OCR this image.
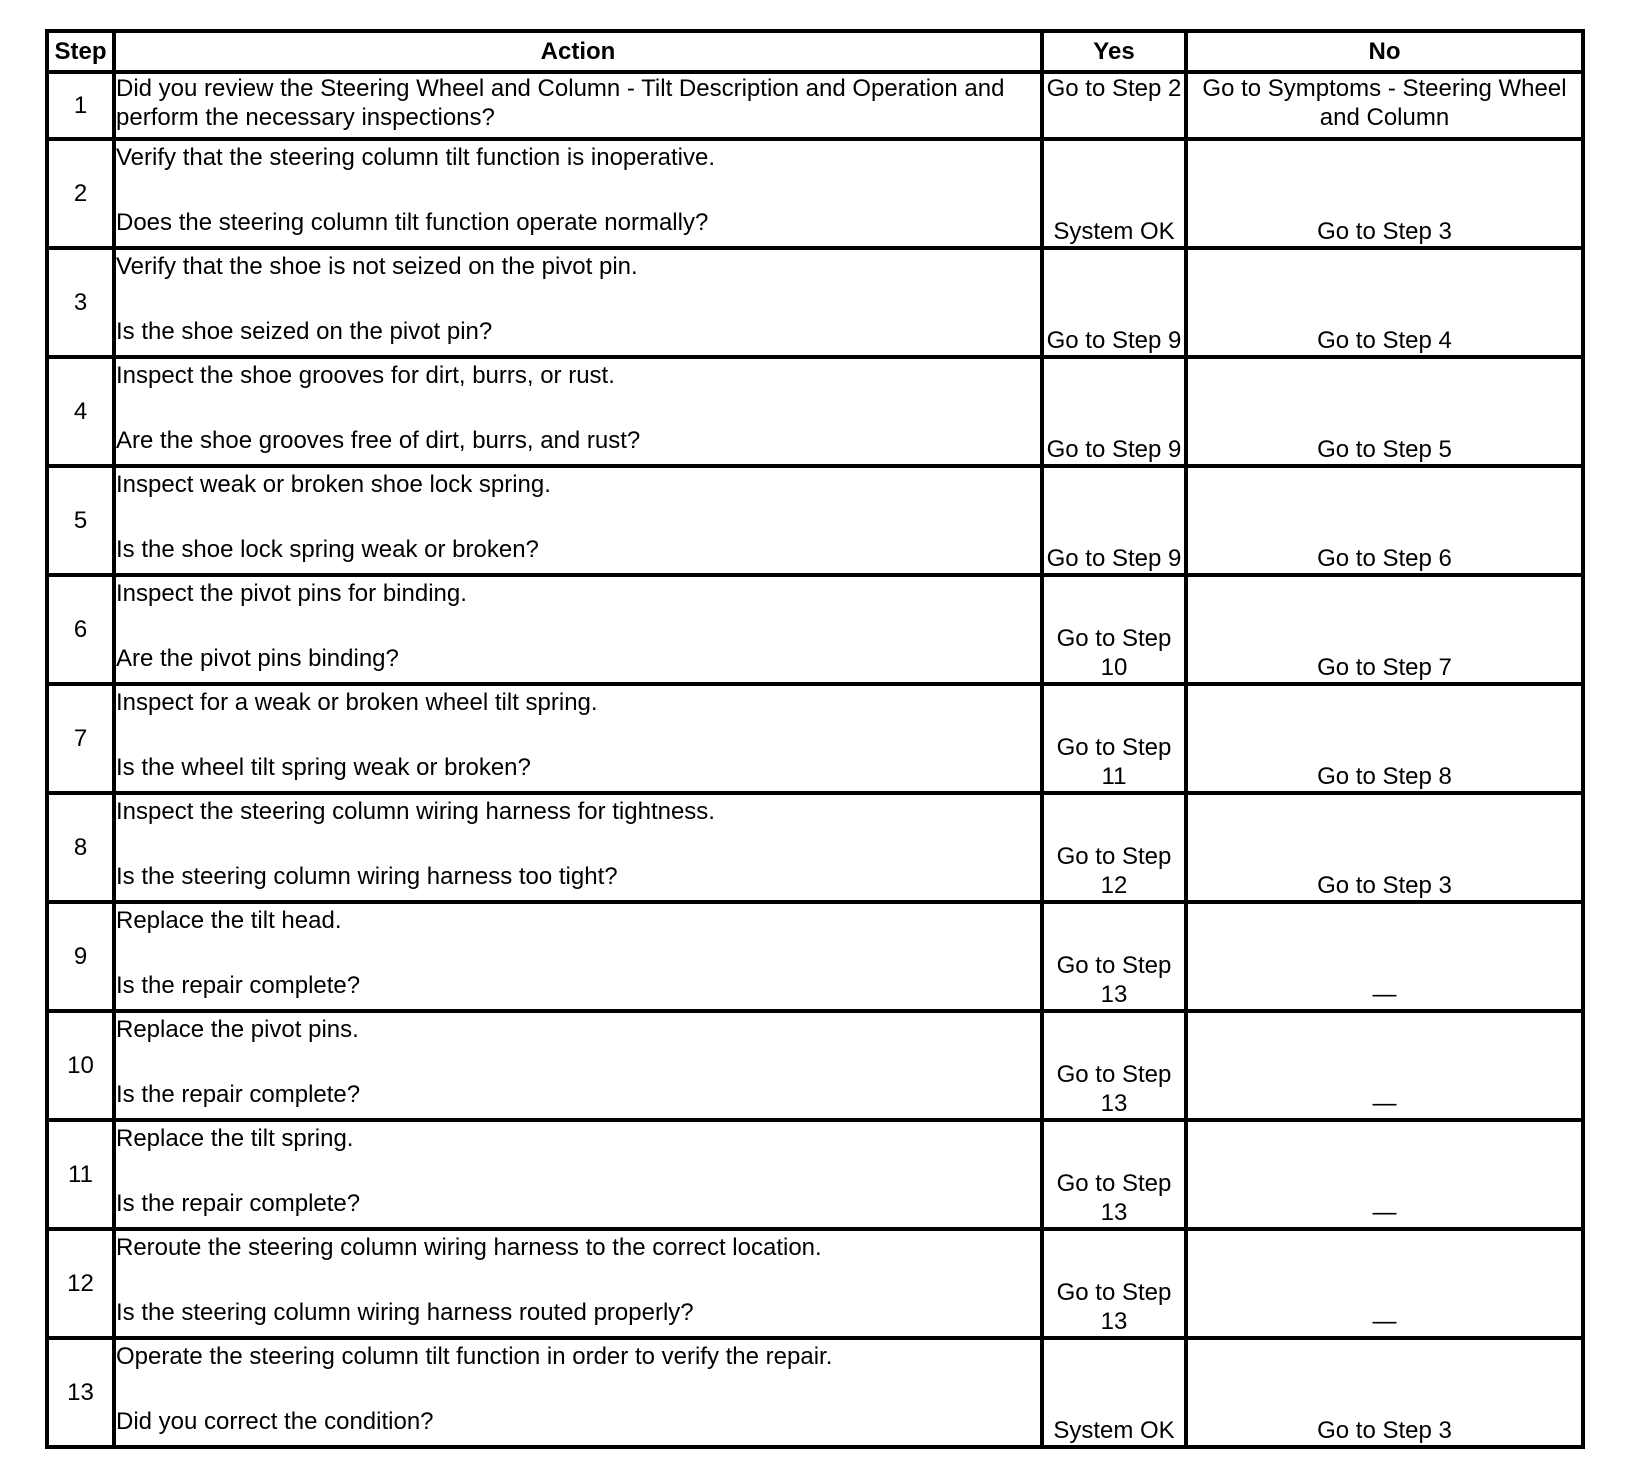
Step	Action	Yes	No
1	Did you review the Steering Wheel and Column - Tilt Description and Operation and perform the necessary inspections?	Go to Step 2	Go to Symptoms - Steering Wheel and Column

2	Verify that the steering column tilt function is inoperative.
Does the steering column tilt function operate normally?	System OK	Go to Step 3

3	Verify that the shoe is not seized on the pivot pin.
Is the shoe seized on the pivot pin?	Go to Step 9	Go to Step 4

4	Inspect the shoe grooves for dirt, burrs, or rust.
Are the shoe grooves free of dirt, burrs, and rust?	Go to Step 9	Go to Step 5

5	Inspect weak or broken shoe lock spring.
Is the shoe lock spring weak or broken?	Go to Step 9	Go to Step 6

6	Inspect the pivot pins for binding.
Are the pivot pins binding?	Go to Step 10	Go to Step 7

7	Inspect for a weak or broken wheel tilt spring.
Is the wheel tilt spring weak or broken?	Go to Step 11	Go to Step 8

8	Inspect the steering column wiring harness for tightness.
Is the steering column wiring harness too tight?	Go to Step 12	Go to Step 3

9	Replace the tilt head.
Is the repair complete?	Go to Step 13	—

10	Replace the pivot pins.
Is the repair complete?	Go to Step 13	—

11	Replace the tilt spring.
Is the repair complete?	Go to Step 13	—

12	Reroute the steering column wiring harness to the correct location.
Is the steering column wiring harness routed properly?	Go to Step 13	—

13	Operate the steering column tilt function in order to verify the repair.
Did you correct the condition?	System OK	Go to Step 3
